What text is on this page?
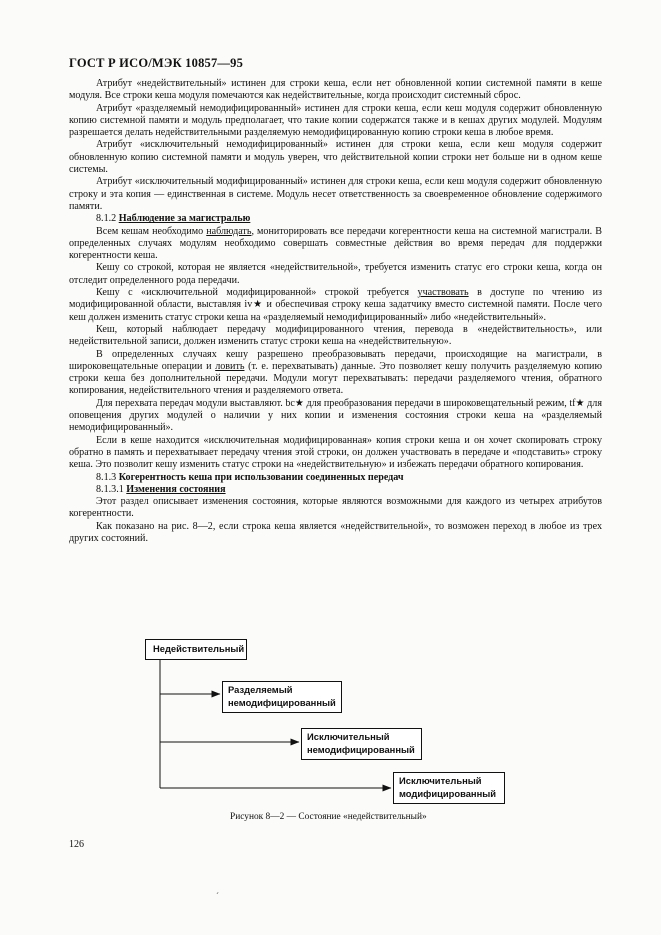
ГОСТ Р ИСО/МЭК 10857—95

Атрибут «недействительный» истинен для строки кеша, если нет обновленной копии системной памяти в кеше модуля. Все строки кеша модуля помечаются как недействительные, когда происходит системный сброс.

Атрибут «разделяемый немодифицированный» истинен для строки кеша, если кеш модуля содержит обновленную копию системной памяти и модуль предполагает, что такие копии содержатся также и в кешах других модулей. Модулям разрешается делать недействительными разделяемую немодифицированную копию строки кеша в любое время.

Атрибут «исключительный немодифицированный» истинен для строки кеша, если кеш модуля содержит обновленную копию системной памяти и модуль уверен, что действительной копии строки нет больше ни в одном кеше системы.

Атрибут «исключительный модифицированный» истинен для строки кеша, если кеш модуля содержит обновленную строку и эта копия — единственная в системе. Модуль несет ответственность за своевременное обновление содержимого памяти.

8.1.2 Наблюдение за магистралью

Всем кешам необходимо наблюдать, мониторировать все передачи когерентности кеша на системной магистрали. В определенных случаях модулям необходимо совершать совместные действия во время передач для поддержки когерентности кеша.

Кешу со строкой, которая не является «недействительной», требуется изменить статус его строки кеша, когда он отследит определенного рода передачи.

Кешу с «исключительной модифицированной» строкой требуется участвовать в доступе по чтению из модифицированной области, выставляя iv★ и обеспечивая строку кеша задатчику вместо системной памяти. После чего кеш должен изменить статус строки кеша на «разделяемый немодифицированный» либо «недействительный».

Кеш, который наблюдает передачу модифицированного чтения, перевода в «недействительность», или недействительной записи, должен изменить статус строки кеша на «недействительную».

В определенных случаях кешу разрешено преобразовывать передачи, происходящие на магистрали, в широковещательные операции и ловить (т. е. перехватывать) данные. Это позволяет кешу получить разделяемую копию строки кеша без дополнительной передачи. Модули могут перехватывать: передачи разделяемого чтения, обратного копирования, недействительного чтения и разделяемого ответа.

Для перехвата передач модули выставляют. bc★ для преобразования передачи в широковещательный режим, tf★ для оповещения других модулей о наличии у них копии и изменения состояния строки кеша на «разделяемый немодифицированный».

Если в кеше находится «исключительная модифицированная» копия строки кеша и он хочет скопировать строку обратно в память и перехватывает передачу чтения этой строки, он должен участвовать в передаче и «подставить» строку кеша. Это позволит кешу изменить статус строки на «недействительную» и избежать передачи обратного копирования.

8.1.3 Когерентность кеша при использовании соединенных передач

8.1.3.1 Изменения состояния

Этот раздел описывает изменения состояния, которые являются возможными для каждого из четырех атрибутов когерентности.

Как показано на рис. 8—2, если строка кеша является «недействительной», то возможен переход в любое из трех других состояний.

Недействительный
Разделяемый
немодифицированный
Исключительный
немодифицированный
Исключительный
модифицированный
Рисунок 8—2 — Состояние «недействительный»
126
´
